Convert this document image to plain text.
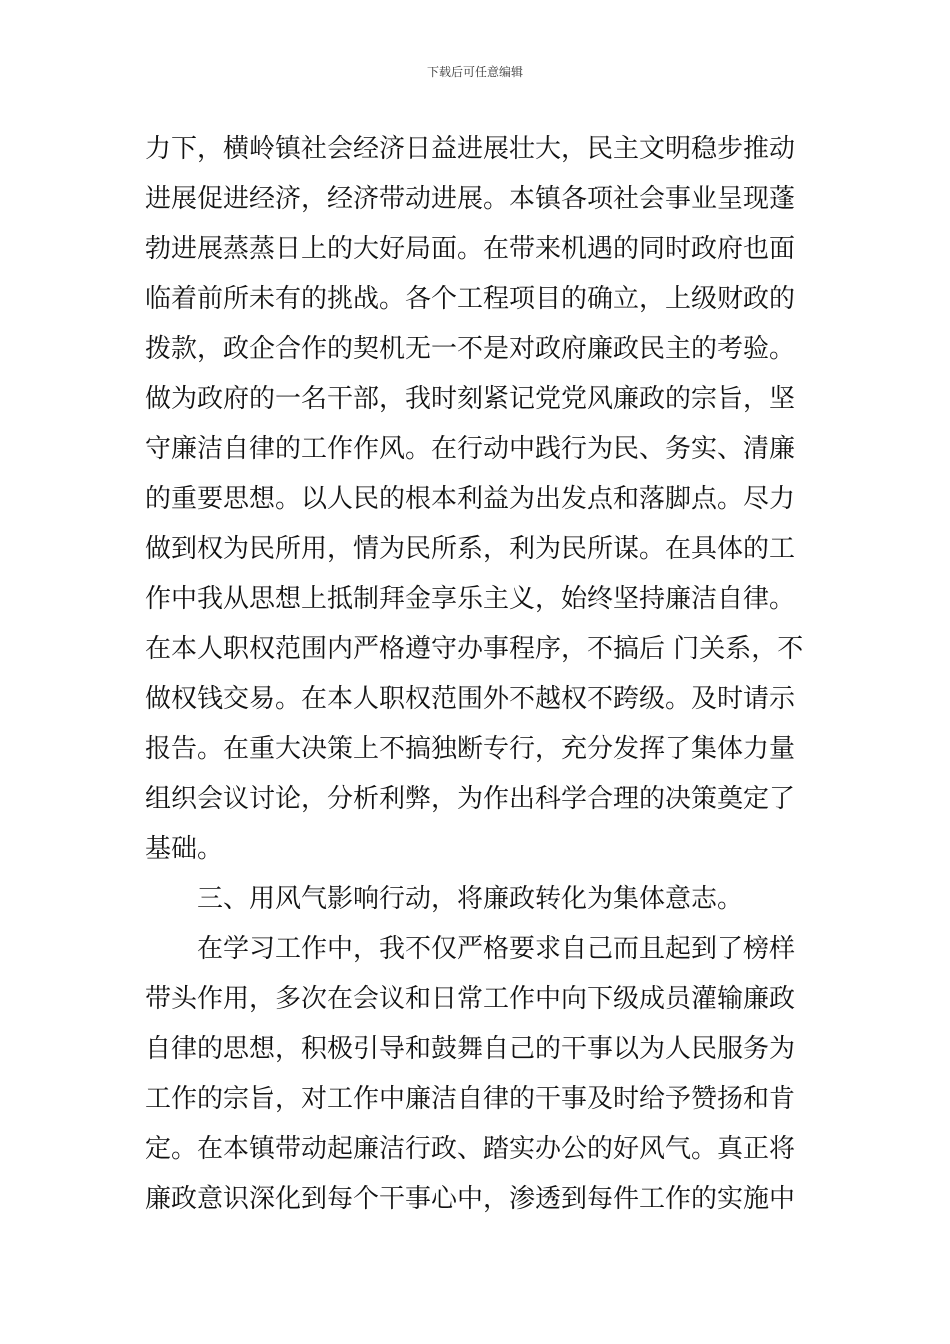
下载后可任意编辑
力下，横岭镇社会经济日益进展壮大，民主文明稳步推动
进展促进经济，经济带动进展。本镇各项社会事业呈现蓬
勃进展蒸蒸日上的大好局面。在带来机遇的同时政府也面
临着前所未有的挑战。各个工程项目的确立，上级财政的
拨款，政企合作的契机无一不是对政府廉政民主的考验。
做为政府的一名干部，我时刻紧记党党风廉政的宗旨，坚
守廉洁自律的工作作风。在行动中践行为民、务实、清廉
的重要思想。以人民的根本利益为出发点和落脚点。尽力
做到权为民所用，情为民所系，利为民所谋。在具体的工
作中我从思想上抵制拜金享乐主义，始终坚持廉洁自律。
在本人职权范围内严格遵守办事程序，不搞后 门关系，不
做权钱交易。在本人职权范围外不越权不跨级。及时请示
报告。在重大决策上不搞独断专行，充分发挥了集体力量
组织会议讨论，分析利弊，为作出科学合理的决策奠定了
基础。
三、用风气影响行动，将廉政转化为集体意志。
在学习工作中，我不仅严格要求自己而且起到了榜样
带头作用，多次在会议和日常工作中向下级成员灌输廉政
自律的思想，积极引导和鼓舞自己的干事以为人民服务为
工作的宗旨，对工作中廉洁自律的干事及时给予赞扬和肯
定。在本镇带动起廉洁行政、踏实办公的好风气。真正将
廉政意识深化到每个干事心中，渗透到每件工作的实施中
